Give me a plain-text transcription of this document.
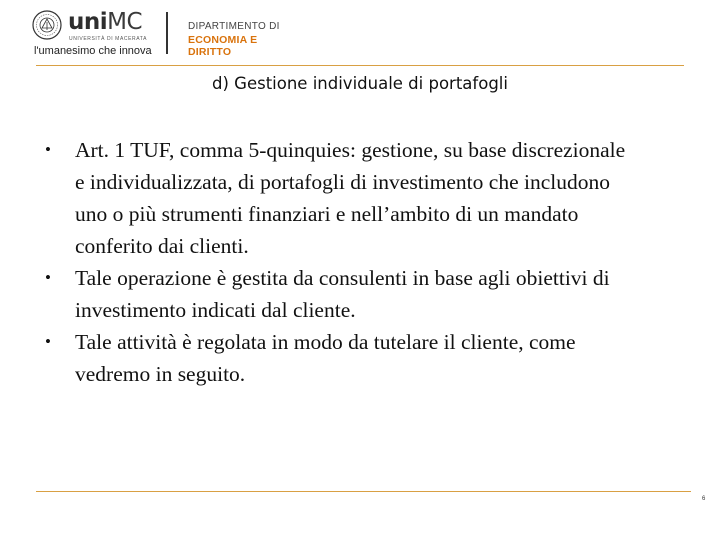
uniMC
UNIVERSITÀ DI MACERATA
l'umanesimo che innova
DIPARTIMENTO DI
ECONOMIA E DIRITTO
d) Gestione individuale di portafogli
• Art. 1 TUF, comma 5-quinquies: gestione, su base discrezionale e individualizzata, di portafogli di investimento che includono uno o più strumenti finanziari e nell’ambito di un mandato conferito dai clienti.
• Tale operazione è gestita da consulenti in base agli obiettivi di investimento indicati dal cliente.
• Tale attività è regolata in modo da tutelare il cliente, come vedremo in seguito.
6
